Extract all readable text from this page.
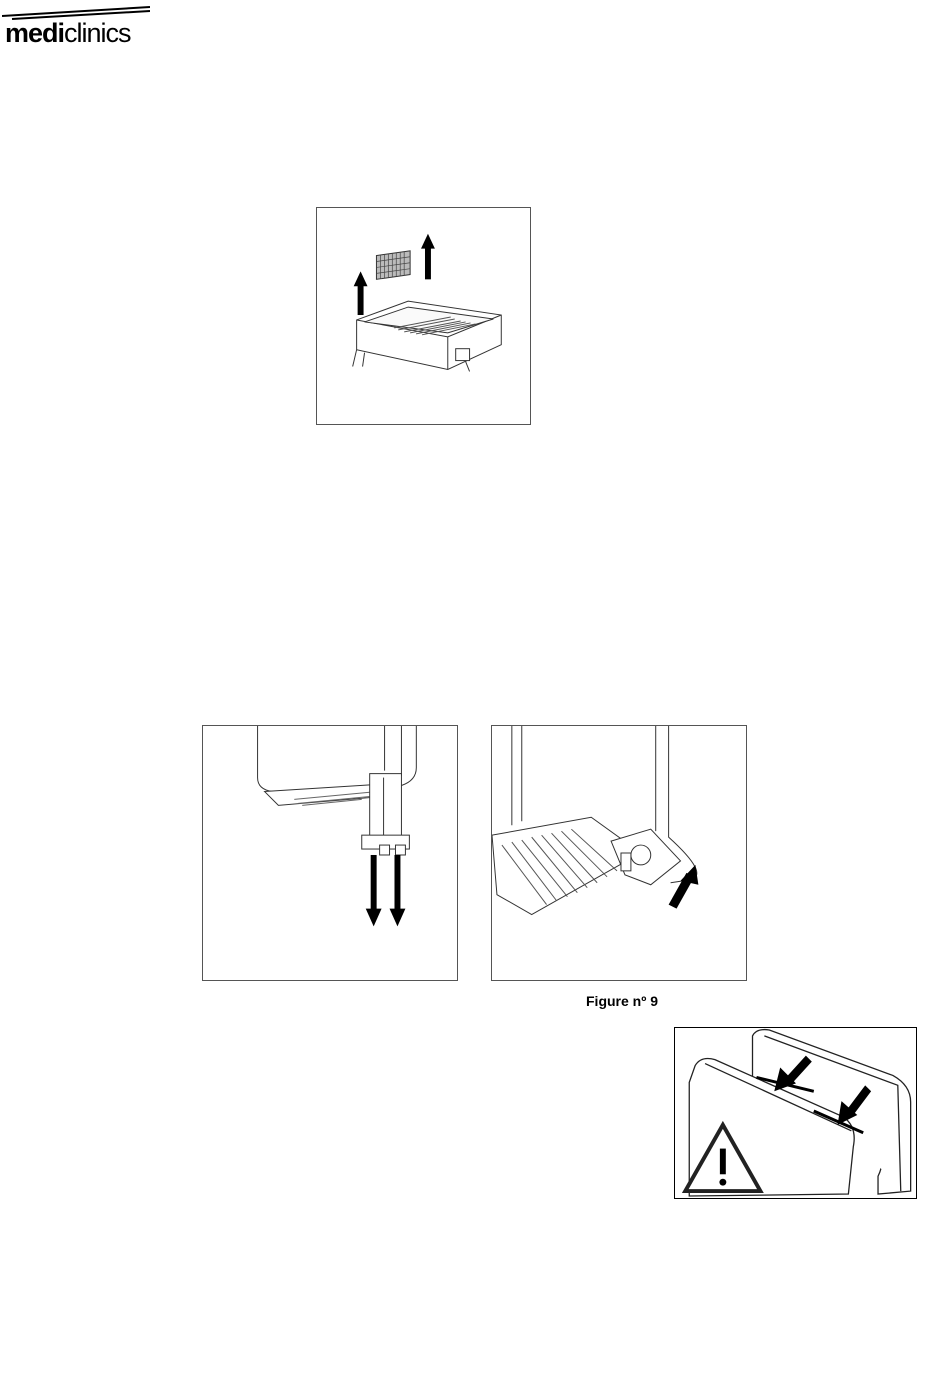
mediclinics
Figure nº 9
